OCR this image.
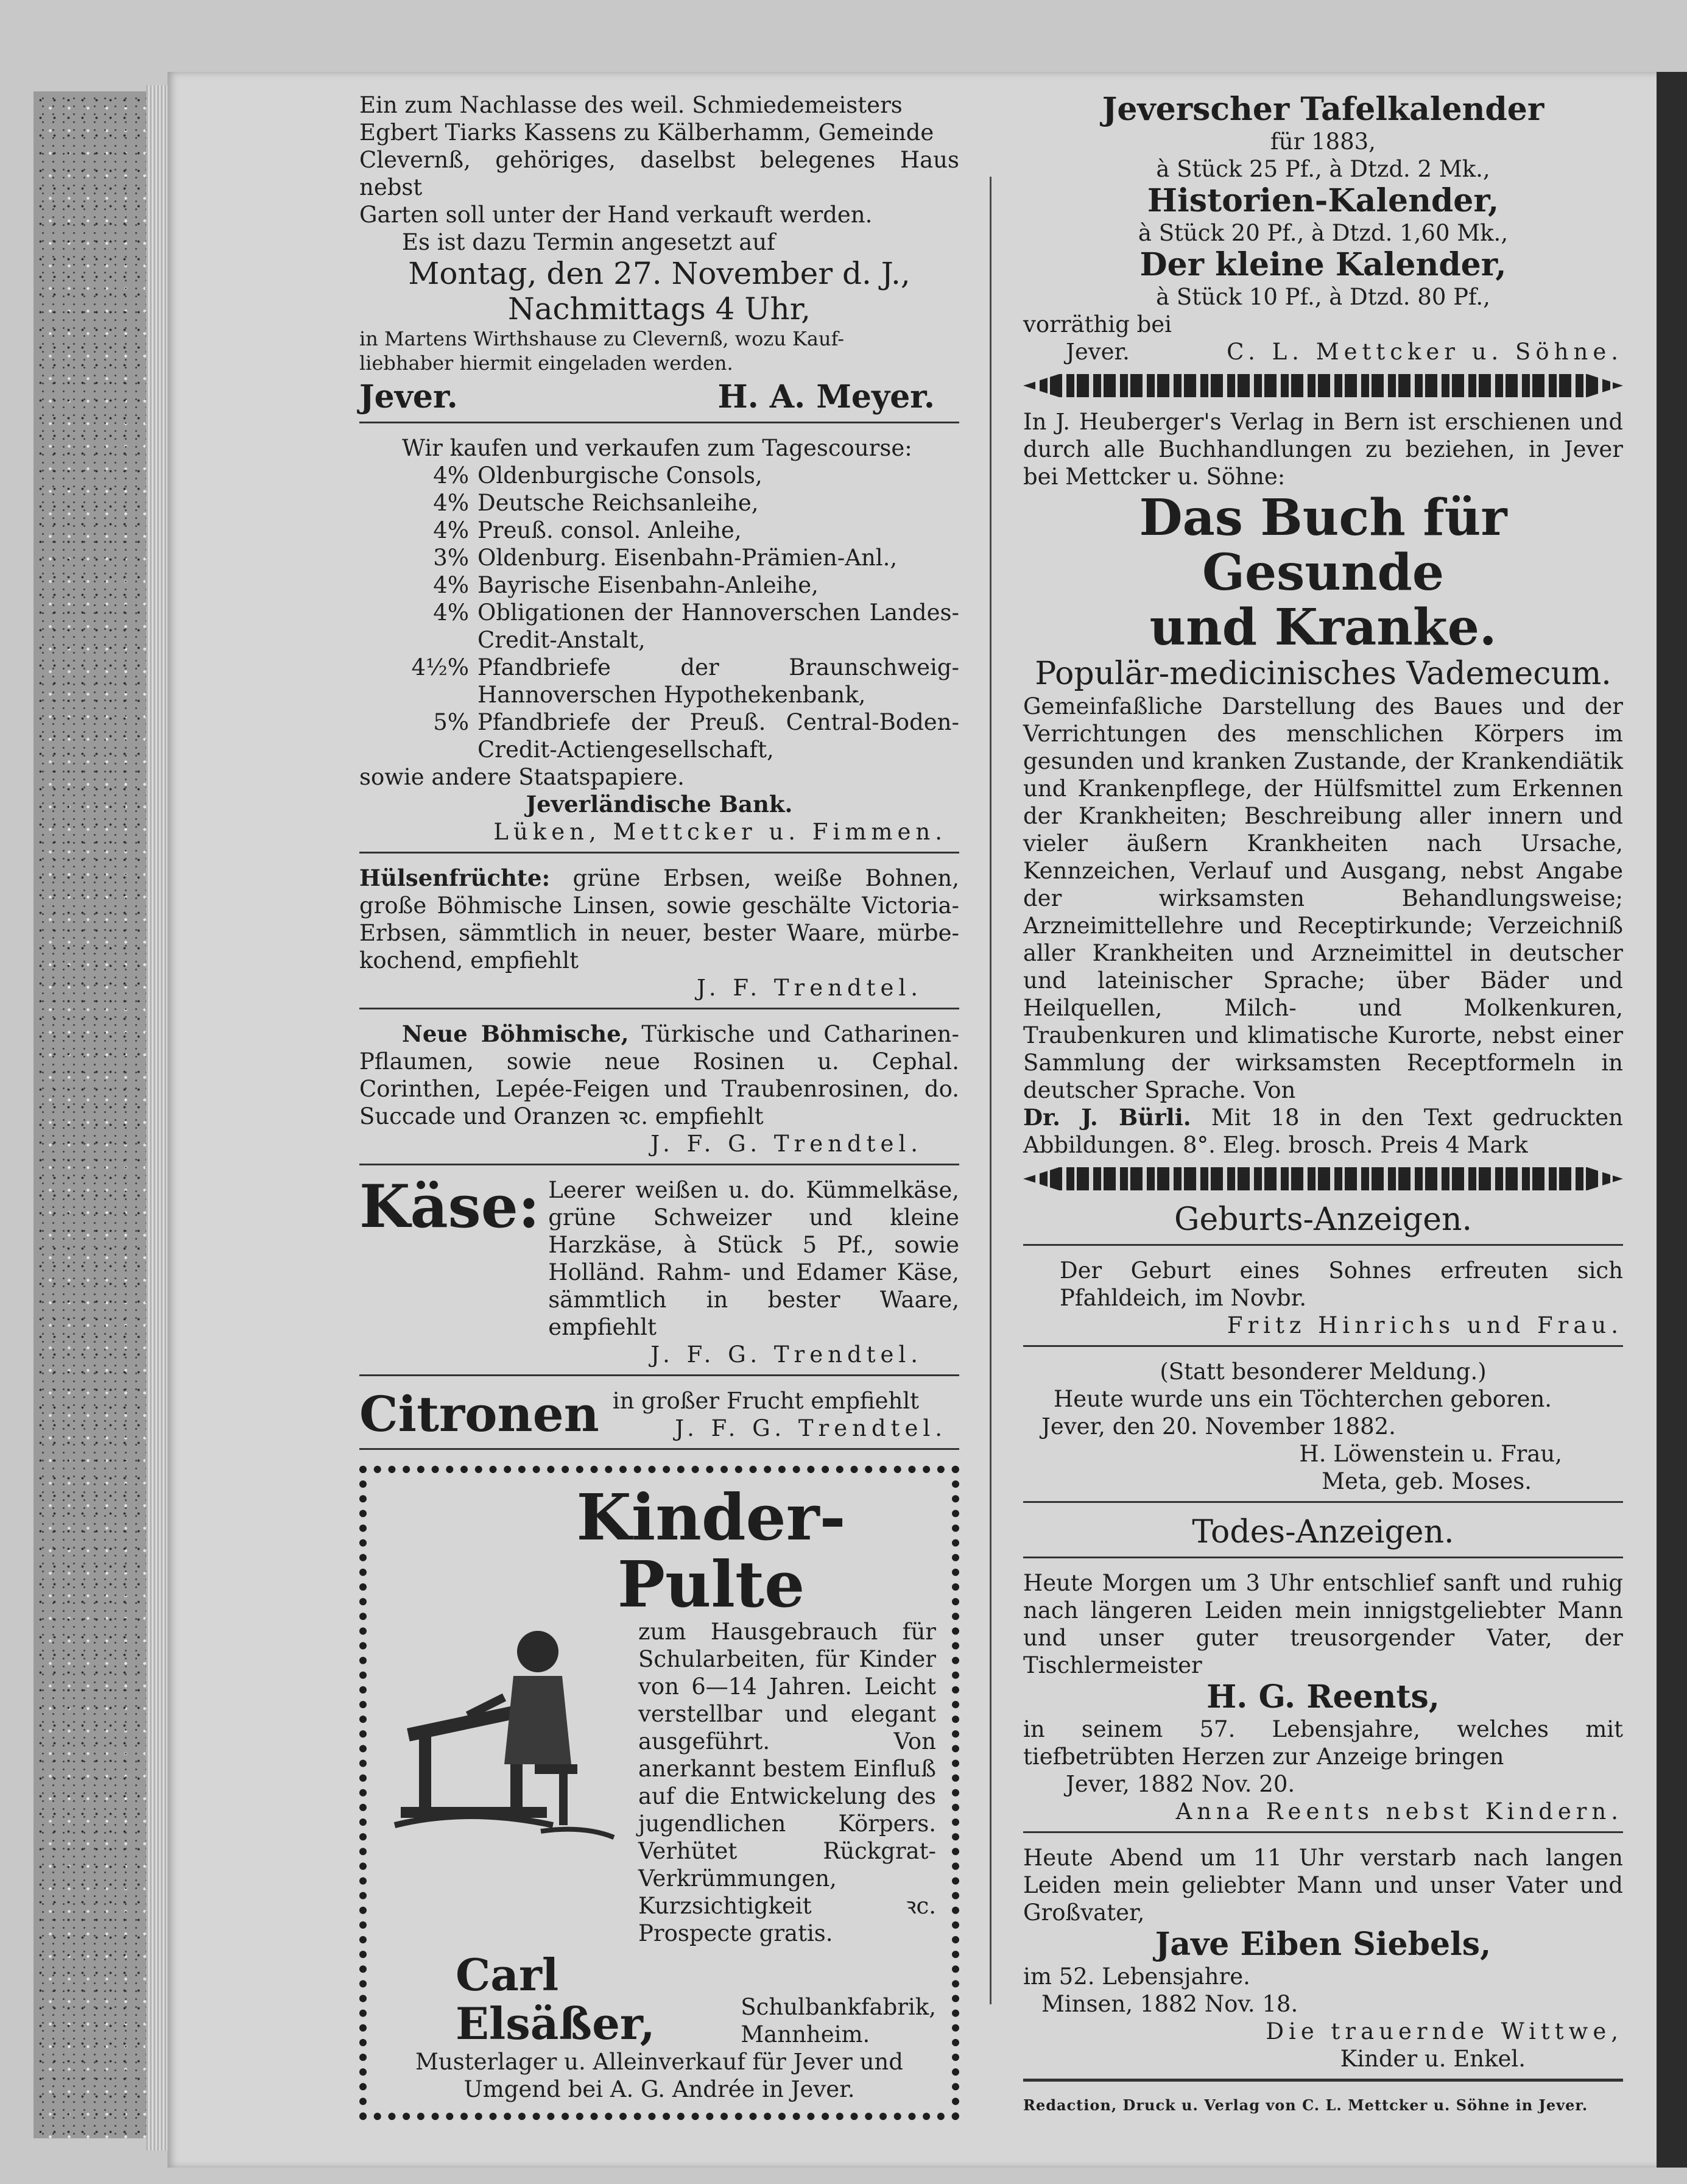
Ein zum Nachlasse des weil. Schmiedemeisters

Egbert Tiarks Kassens zu Kälberhamm, Gemeinde

Clevernß, gehöriges, daselbst belegenes Haus nebst

Garten soll unter der Hand verkauft werden.

Es ist dazu Termin angesetzt auf

Montag, den 27. November d. J.,

Nachmittags 4 Uhr,

in Martens Wirthshause zu Clevernß, wozu Kauf-

liebhaber hiermit eingeladen werden.

Jever.	H. A. Meyer.

Wir kaufen und verkaufen zum Tagescourse:

4% Oldenburgische Consols,
4% Deutsche Reichsanleihe,
4% Preuß. consol. Anleihe,
3% Oldenburg. Eisenbahn-Prämien-Anl.,
4% Bayrische Eisenbahn-Anleihe,
4% Obligationen der Hannoverschen Landes-Credit-Anstalt,
4½% Pfandbriefe der Braunschweig-Hannoverschen Hypothekenbank,
5% Pfandbriefe der Preuß. Central-Boden-Credit-Actiengesellschaft,

sowie andere Staatspapiere.

Jeverländische Bank.

Lüken, Mettcker u. Fimmen.

Hülsenfrüchte: grüne Erbsen, weiße Bohnen, große Böhmische Linsen, sowie geschälte Victoria-Erbsen, sämmtlich in neuer, bester Waare, mürbe-kochend, empfiehlt

J. F. Trendtel.

Neue Böhmische, Türkische und Catharinen-Pflaumen, sowie neue Rosinen u. Cephal. Corinthen, Lepée-Feigen und Traubenrosinen, do. Succade und Oranzen ꝛc. empfiehlt

J. F. G. Trendtel.

Käse: Leerer weißen u. do. Kümmelkäse, grüne Schweizer und kleine Harzkäse, à Stück 5 Pf., sowie Holländ. Rahm- und Edamer Käse, sämmtlich in bester Waare, empfiehlt

J. F. G. Trendtel.

Citronen in großer Frucht empfiehlt

J. F. G. Trendtel.

Kinder-Pulte

zum Hausgebrauch für Schularbeiten, für Kinder von 6—14 Jahren. Leicht verstellbar und elegant ausgeführt. Von anerkannt bestem Einfluß auf die Entwickelung des jugendlichen Körpers. Verhütet Rückgrat-Verkrümmungen, Kurzsichtigkeit ꝛc. Prospecte gratis.

Carl Elsäßer,	Schulbankfabrik,

Mannheim.

Musterlager u. Alleinverkauf für Jever und Umgend bei A. G. Andrée in Jever.

Jeverscher Tafelkalender

für 1883,

à Stück 25 Pf., à Dtzd. 2 Mk.,

Historien-Kalender,

à Stück 20 Pf., à Dtzd. 1,60 Mk.,

Der kleine Kalender,

à Stück 10 Pf., à Dtzd. 80 Pf.,

vorräthig bei

Jever.	C. L. Mettcker u. Söhne.

In J. Heuberger's Verlag in Bern ist erschienen und durch alle Buchhandlungen zu beziehen, in Jever bei Mettcker u. Söhne:

Das Buch für Gesunde

und Kranke.

Populär-medicinisches Vademecum.

Gemeinfaßliche Darstellung des Baues und der Verrichtungen des menschlichen Körpers im gesunden und kranken Zustande, der Krankendiätik und Krankenpflege, der Hülfsmittel zum Erkennen der Krankheiten; Beschreibung aller innern und vieler äußern Krankheiten nach Ursache, Kennzeichen, Verlauf und Ausgang, nebst Angabe der wirksamsten Behandlungsweise; Arzneimittellehre und Receptirkunde; Verzeichniß aller Krankheiten und Arzneimittel in deutscher und lateinischer Sprache; über Bäder und Heilquellen, Milch- und Molkenkuren, Traubenkuren und klimatische Kurorte, nebst einer Sammlung der wirksamsten Receptformeln in deutscher Sprache. Von

Dr. J. Bürli. Mit 18 in den Text gedruckten Abbildungen. 8°. Eleg. brosch. Preis 4 Mark

Geburts-Anzeigen.

Der Geburt eines Sohnes erfreuten sich Pfahldeich, im Novbr.

Fritz Hinrichs und Frau.

(Statt besonderer Meldung.)

Heute wurde uns ein Töchterchen geboren.

Jever, den 20. November 1882.

H. Löwenstein u. Frau,

Meta, geb. Moses.

Todes-Anzeigen.

Heute Morgen um 3 Uhr entschlief sanft und ruhig nach längeren Leiden mein innigstgeliebter Mann und unser guter treusorgender Vater, der Tischlermeister

H. G. Reents,

in seinem 57. Lebensjahre, welches mit tiefbetrübten Herzen zur Anzeige bringen

Jever, 1882 Nov. 20.

Anna Reents nebst Kindern.

Heute Abend um 11 Uhr verstarb nach langen Leiden mein geliebter Mann und unser Vater und Großvater,

Jave Eiben Siebels,

im 52. Lebensjahre.

Minsen, 1882 Nov. 18.

Die trauernde Wittwe,

Kinder u. Enkel.

Redaction, Druck u. Verlag von C. L. Mettcker u. Söhne in Jever.
